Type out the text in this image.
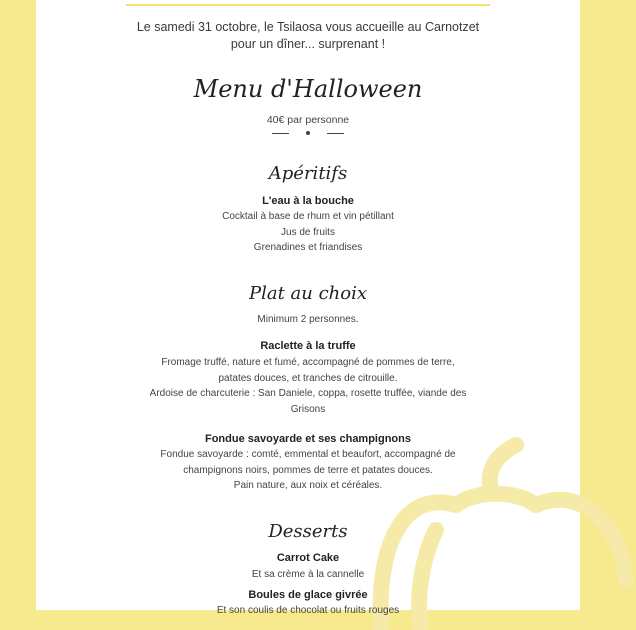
Le samedi 31 octobre, le Tsilaosa vous accueille au Carnotzet
pour un dîner... surprenant !
Menu d'Halloween
40€ par personne
Apéritifs
L'eau à la bouche
Cocktail à base de rhum et vin pétillant
Jus de fruits
Grenadines et friandises
Plat au choix
Minimum 2 personnes.
Raclette à la truffe
Fromage truffé, nature et fumé, accompagné de pommes de terre,
patates douces, et tranches de citrouille.
Ardoise de charcuterie : San Daniele, coppa, rosette truffée, viande des
Grisons
Fondue savoyarde et ses champignons
Fondue savoyarde : comté, emmental et beaufort, accompagné de
champignons noirs, pommes de terre et patates douces.
Pain nature, aux noix et céréales.
Desserts
Carrot Cake
Et sa crème à la cannelle
Boules de glace givrée
Et son coulis de chocolat ou fruits rouges
